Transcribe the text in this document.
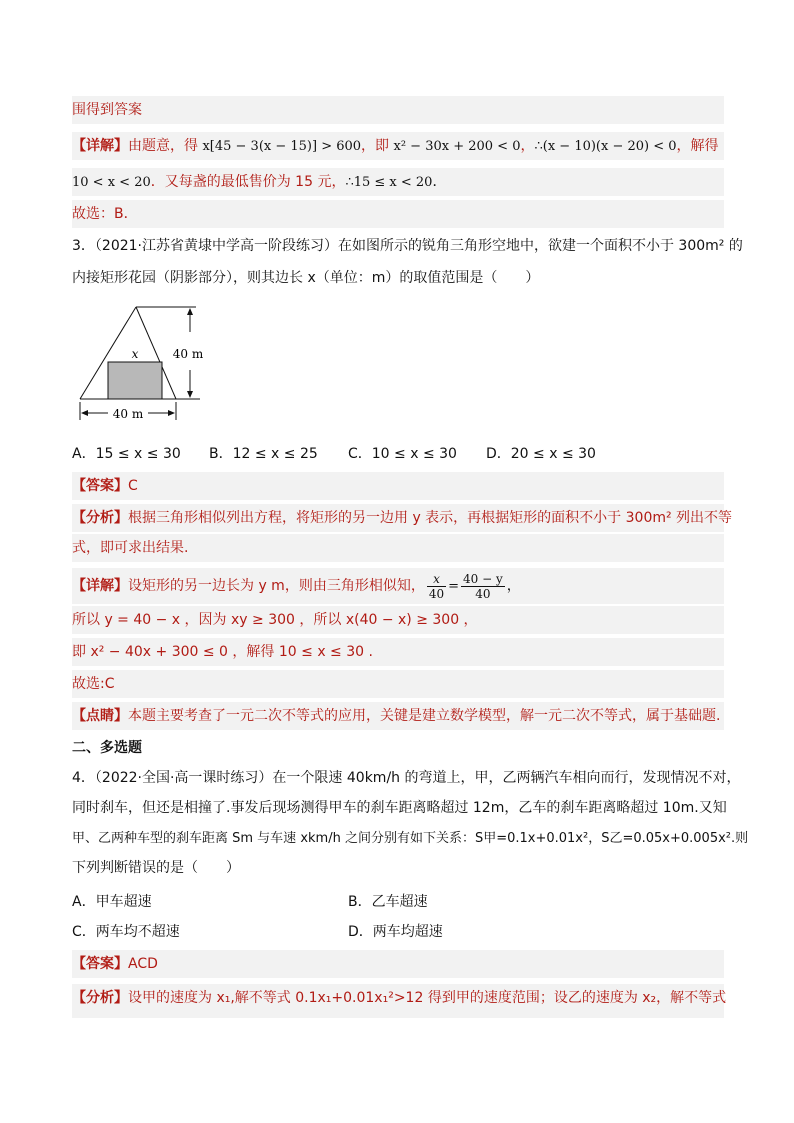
围得到答案
【详解】由题意，得 x[45 − 3(x − 15)] > 600，即 x² − 30x + 200 < 0，∴(x − 10)(x − 20) < 0，解得
10 < x < 20．又每盏的最低售价为 15 元，∴15 ≤ x < 20．
故选：B．
3．（2021·江苏省黄埭中学高一阶段练习）在如图所示的锐角三角形空地中，欲建一个面积不小于 300m² 的
内接矩形花园（阴影部分），则其边长 x（单位：m）的取值范围是（　　）
x	40 m
40 m
A．15 ≤ x ≤ 30 B．12 ≤ x ≤ 25 C．10 ≤ x ≤ 30 D．20 ≤ x ≤ 30
【答案】C
【分析】根据三角形相似列出方程，将矩形的另一边用 y 表示，再根据矩形的面积不小于 300m² 列出不等
式，即可求出结果.
【详解】设矩形的另一边长为 y m，则由三角形相似知， $\frac{x}{40} = \frac{40 - y}{40}$ ，
所以 y = 40 − x ，因为 xy ≥ 300 ，所以 x(40 − x) ≥ 300 ，
即 x² − 40x + 300 ≤ 0 ，解得 10 ≤ x ≤ 30 .
故选:C
【点睛】本题主要考查了一元二次不等式的应用，关键是建立数学模型，解一元二次不等式，属于基础题.
二、多选题
4．（2022·全国·高一课时练习）在一个限速 40km/h 的弯道上，甲，乙两辆汽车相向而行，发现情况不对，
同时刹车，但还是相撞了.事发后现场测得甲车的刹车距离略超过 12m，乙车的刹车距离略超过 10m.又知
甲、乙两种车型的刹车距离 Sm 与车速 xkm/h 之间分别有如下关系：S甲=0.1x+0.01x²，S乙=0.05x+0.005x².则
下列判断错误的是（　　）
A．甲车超速	B．乙车超速
C．两车均不超速	D．两车均超速
【答案】ACD
【分析】设甲的速度为 x₁,解不等式 0.1x₁+0.01x₁²>12 得到甲的速度范围；设乙的速度为 x₂，解不等式
